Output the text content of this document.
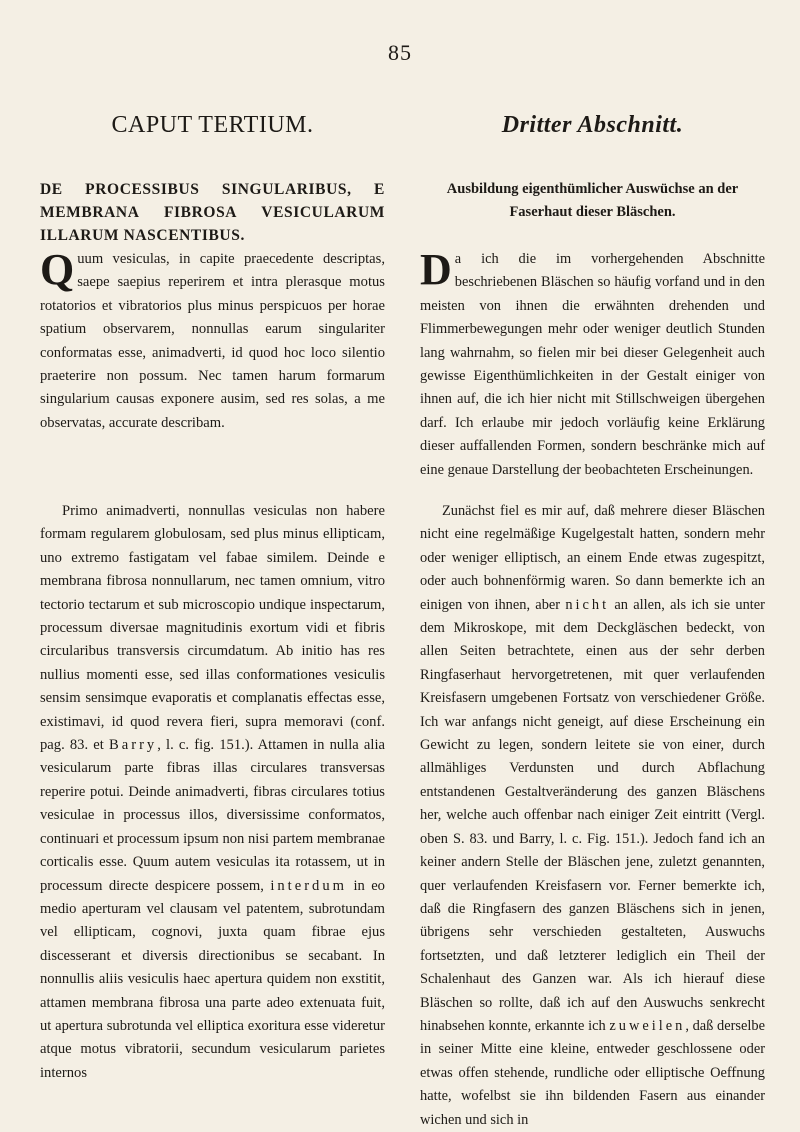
85
CAPUT TERTIUM.
DE PROCESSIBUS SINGULARIBUS, E MEMBRANA FIBROSA VESICULARUM ILLARUM NASCENTIBUS.

Quum vesiculas, in capite praecedente descriptas, saepe saepius reperirem et intra plerasque motus rotatorios et vibratorios plus minus perspicuos per horae spatium observarem, nonnullas earum singulariter conformatas esse, animadverti, id quod hoc loco silentio praeterire non possum. Nec tamen harum formarum singularium causas exponere ausim, sed res solas, a me observatas, accurate describam.

Primo animadverti, nonnullas vesiculas non habere formam regularem globulosam, sed plus minus ellipticam, uno extremo fastigatam vel fabae similem. Deinde e membrana fibrosa nonnullarum, nec tamen omnium, vitro tectorio tectarum et sub microscopio undique inspectarum, processum diversae magnitudinis exortum vidi et fibris circularibus transversis circumdatum. Ab initio has res nullius momenti esse, sed illas conformationes vesiculis sensim sensimque evaporatis et complanatis effectas esse, existimavi, id quod revera fieri, supra memoravi (conf. pag. 83. et Barry, l. c. fig. 151.). Attamen in nulla alia vesicularum parte fibras illas circulares transversas reperire potui. Deinde animadverti, fibras circulares totius vesiculae in processus illos, diversissime conformatos, continuari et processum ipsum non nisi partem membranae corticalis esse. Quum autem vesiculas ita rotassem, ut in processum directe despicere possem, interdum in eo medio aperturam vel clausam vel patentem, subrotundam vel ellipticam, cognovi, juxta quam fibrae ejus discesserant et diversis directionibus se secabant. In nonnullis aliis vesiculis haec apertura quidem non exstitit, attamen membrana fibrosa una parte adeo extenuata fuit, ut apertura subrotunda vel elliptica exoritura esse videretur atque motus vibratorii, secundum vesicularum parietes internos

Dritter Abschnitt.
Ausbildung eigenthümlicher Auswüchse an der Faserhaut dieser Bläschen.

Da ich die im vorhergehenden Abschnitte beschriebenen Bläschen so häufig vorfand und in den meisten von ihnen die erwähnten drehenden und Flimmerbewegungen mehr oder weniger deutlich Stunden lang wahrnahm, so fielen mir bei dieser Gelegenheit auch gewisse Eigenthümlichkeiten in der Gestalt einiger von ihnen auf, die ich hier nicht mit Stillschweigen übergehen darf. Ich erlaube mir jedoch vorläufig keine Erklärung dieser auffallenden Formen, sondern beschränke mich auf eine genaue Darstellung der beobachteten Erscheinungen.

Zunächst fiel es mir auf, daß mehrere dieser Bläschen nicht eine regelmäßige Kugelgestalt hatten, sondern mehr oder weniger elliptisch, an einem Ende etwas zugespitzt, oder auch bohnenförmig waren. So dann bemerkte ich an einigen von ihnen, aber nicht an allen, als ich sie unter dem Mikroskope, mit dem Deckgläschen bedeckt, von allen Seiten betrachtete, einen aus der sehr derben Ringfaserhaut hervorgetretenen, mit quer verlaufenden Kreisfasern umgebenen Fortsatz von verschiedener Größe. Ich war anfangs nicht geneigt, auf diese Erscheinung ein Gewicht zu legen, sondern leitete sie von einer, durch allmähliges Verdunsten und durch Abflachung entstandenen Gestaltveränderung des ganzen Bläschens her, welche auch offenbar nach einiger Zeit eintritt (Vergl. oben S. 83. und Barry, l. c. Fig. 151.). Jedoch fand ich an keiner andern Stelle der Bläschen jene, zuletzt genannten, quer verlaufenden Kreisfasern vor. Ferner bemerkte ich, daß die Ringfasern des ganzen Bläschens sich in jenen, übrigens sehr verschieden gestalteten, Auswuchs fortsetzten, und daß letzterer lediglich ein Theil der Schalenhaut des Ganzen war. Als ich hierauf diese Bläschen so rollte, daß ich auf den Auswuchs senkrecht hinabsehen konnte, erkannte ich zuweilen, daß derselbe in seiner Mitte eine kleine, entweder geschlossene oder etwas offen stehende, rundliche oder elliptische Oeffnung hatte, wofelbst sie ihn bildenden Fasern aus einander wichen und sich in
